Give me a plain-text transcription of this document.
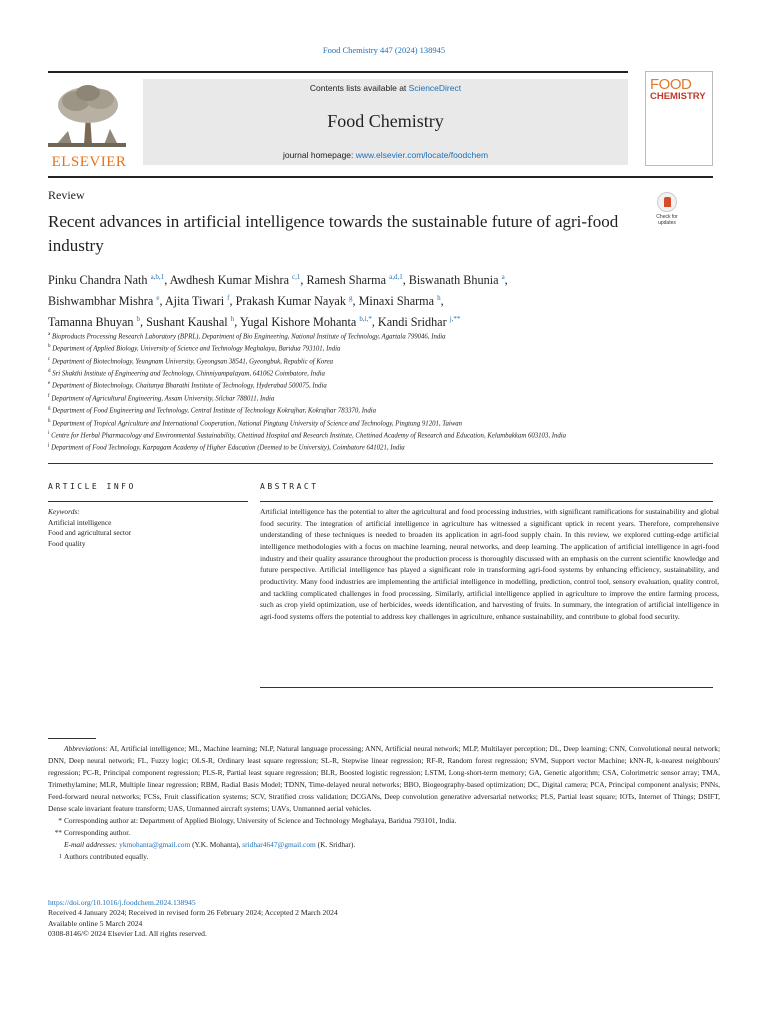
Food Chemistry 447 (2024) 138945
ELSEVIER
Contents lists available at ScienceDirect
Food Chemistry
journal homepage: www.elsevier.com/locate/foodchem
FOOD
CHEMISTRY
Review
Recent advances in artificial intelligence towards the sustainable future of agri-food industry
Check for
updates
Pinku Chandra Nath $^{a,b,1}$, Awdhesh Kumar Mishra $^{c,1}$, Ramesh Sharma $^{a,d,1}$, Biswanath Bhunia $^a$,
Bishwambhar Mishra $^e$, Ajita Tiwari $^f$, Prakash Kumar Nayak $^g$, Minaxi Sharma $^h$,
Tamanna Bhuyan $^b$, Sushant Kaushal $^h$, Yugal Kishore Mohanta $^{b,i,*}$, Kandi Sridhar $^{j,**}$
$^a$ Bioproducts Processing Research Laboratory (BPRL), Department of Bio Engineering, National Institute of Technology, Agartala 799046, India
$^b$ Department of Applied Biology, University of Science and Technology Meghalaya, Baridua 793101, India
$^c$ Department of Biotechnology, Yeungnam University, Gyeongsan 38541, Gyeongbuk, Republic of Korea
$^d$ Sri Shakthi Institute of Engineering and Technology, Chinniyampalayam, 641062 Coimbatore, India
$^e$ Department of Biotechnology, Chaitanya Bharathi Institute of Technology, Hyderabad 500075, India
$^f$ Department of Agricultural Engineering, Assam University, Silchar 788011, India
$^g$ Department of Food Engineering and Technology, Central Institute of Technology Kokrajhar, Kokrajhar 783370, India
$^h$ Department of Tropical Agriculture and International Cooperation, National Pingtung University of Science and Technology, Pingtung 91201, Taiwan
$^i$ Centre for Herbal Pharmacology and Environmental Sustainability, Chettinad Hospital and Research Institute, Chettinad Academy of Research and Education, Kelambakkam 603103, India
$^j$ Department of Food Technology, Karpagam Academy of Higher Education (Deemed to be University), Coimbatore 641021, India
ARTICLE INFO	ABSTRACT
Keywords:
Artificial intelligence
Food and agricultural sector
Food quality
Artificial intelligence has the potential to alter the agricultural and food processing industries, with significant ramifications for sustainability and global food security. The integration of artificial intelligence in agriculture has witnessed a significant uptick in recent years. Therefore, comprehensive understanding of these techniques is needed to broaden its application in agri-food supply chain. In this review, we explored cutting-edge artificial intelligence methodologies with a focus on machine learning, neural networks, and deep learning. The application of artificial intelligence in agri-food industry and their quality assurance throughout the production process is thoroughly discussed with an emphasis on the current scientific knowledge and future perspective. Artificial intelligence has played a significant role in transforming agri-food systems by enhancing efficiency, sustainability, and productivity. Many food industries are implementing the artificial intelligence in modelling, prediction, control tool, sensory evaluation, quality control, and tackling complicated challenges in food processing. Similarly, artificial intelligence applied in agriculture to improve the entire farming process, such as crop yield optimization, use of herbicides, weeds identification, and harvesting of fruits. In summary, the integration of artificial intelligence in agri-food systems offers the potential to address key challenges in agriculture, enhance sustainability, and contribute to global food security.
Abbreviations: AI, Artificial intelligence; ML, Machine learning; NLP, Natural language processing; ANN, Artificial neural network; MLP, Multilayer perception; DL, Deep learning; CNN, Convolutional neural network; DNN, Deep neural network; FL, Fuzzy logic; OLS-R, Ordinary least square regression; SL-R, Stepwise linear regression; RF-R, Random forest regression; SVM, Support vector Machine; kNN-R, k-nearest neighbours' regression; PC-R, Principal component regression; PLS-R, Partial least square regression; BLR, Boosted logistic regression; LSTM, Long-short-term memory; GA, Genetic algorithm; CSA, Colorimetric sensor array; TMA, Trimethylamine; MLR, Multiple linear regression; RBM, Radial Basis Model; TDNN, Time-delayed neural networks; BBO, Biogeography-based optimization; DC, Digital camera; PCA, Principal component analysis; PNNs, Feed-forward neural networks; FCSs, Fruit classification systems; SCV, Stratified cross validation; DCGANs, Deep convolution generative adversarial networks; PLS, Partial least square; IOTs, Internet of Things; DSIFT, Dense scale invariant feature transform; UAS, Unmanned aircraft systems; UAVs, Unmanned aerial vehicles.
* Corresponding author at: Department of Applied Biology, University of Science and Technology Meghalaya, Baridua 793101, India.
** Corresponding author.
E-mail addresses: ykmohanta@gmail.com (Y.K. Mohanta), sridhar4647@gmail.com (K. Sridhar).
1 Authors contributed equally.
https://doi.org/10.1016/j.foodchem.2024.138945
Received 4 January 2024; Received in revised form 26 February 2024; Accepted 2 March 2024
Available online 5 March 2024
0308-8146/© 2024 Elsevier Ltd. All rights reserved.
